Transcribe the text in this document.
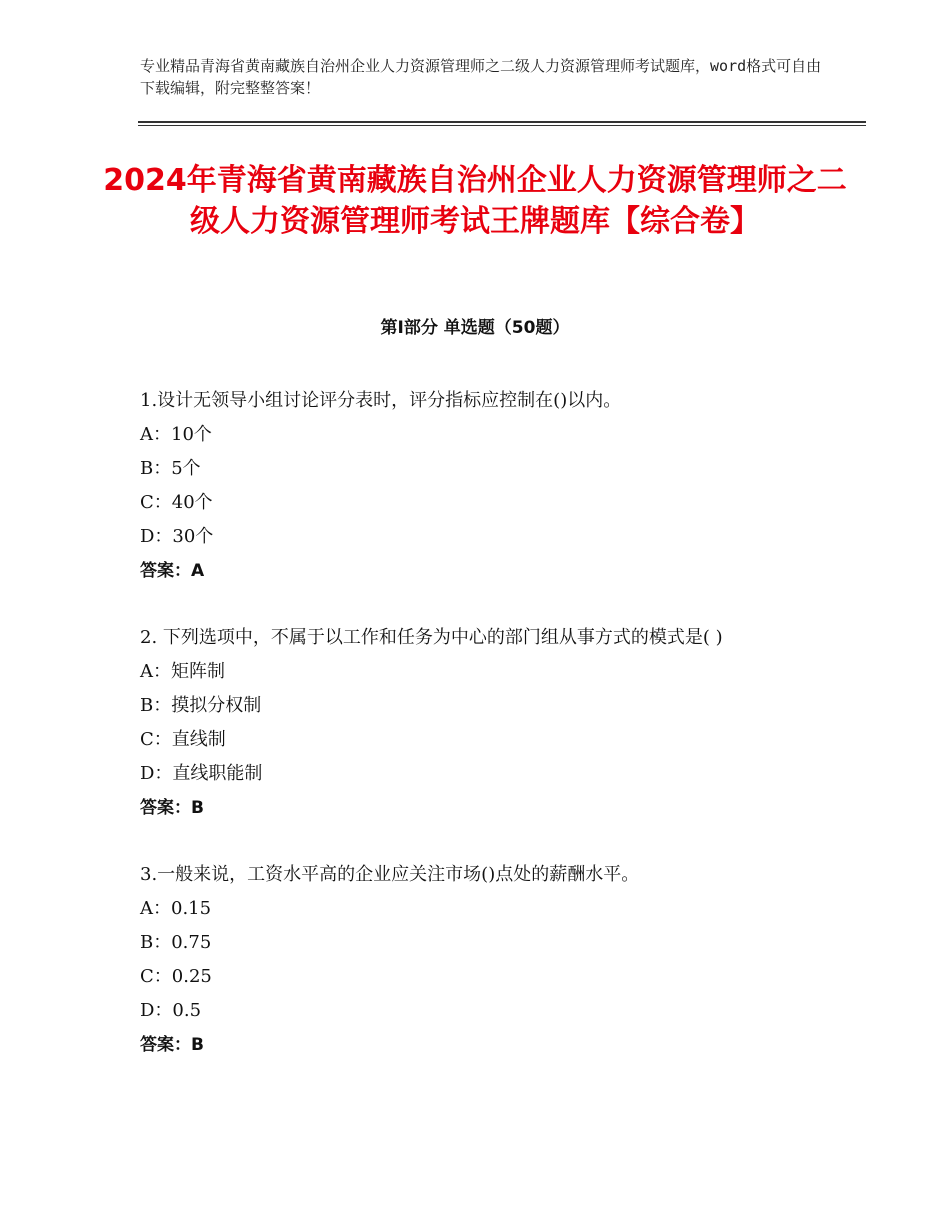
专业精品青海省黄南藏族自治州企业人力资源管理师之二级人力资源管理师考试题库，word格式可自由下载编辑，附完整整答案！
2024年青海省黄南藏族自治州企业人力资源管理师之二级人力资源管理师考试王牌题库【综合卷】
第Ⅰ部分 单选题（50题）
1.设计无领导小组讨论评分表时，评分指标应控制在()以内。
A：10个
B：5个
C：40个
D：30个
答案：A
2. 下列选项中，不属于以工作和任务为中心的部门组从事方式的模式是( )
A：矩阵制
B：摸拟分权制
C：直线制
D：直线职能制
答案：B
3.一般来说，工资水平高的企业应关注市场()点处的薪酬水平。
A：0.15
B：0.75
C：0.25
D：0.5
答案：B
